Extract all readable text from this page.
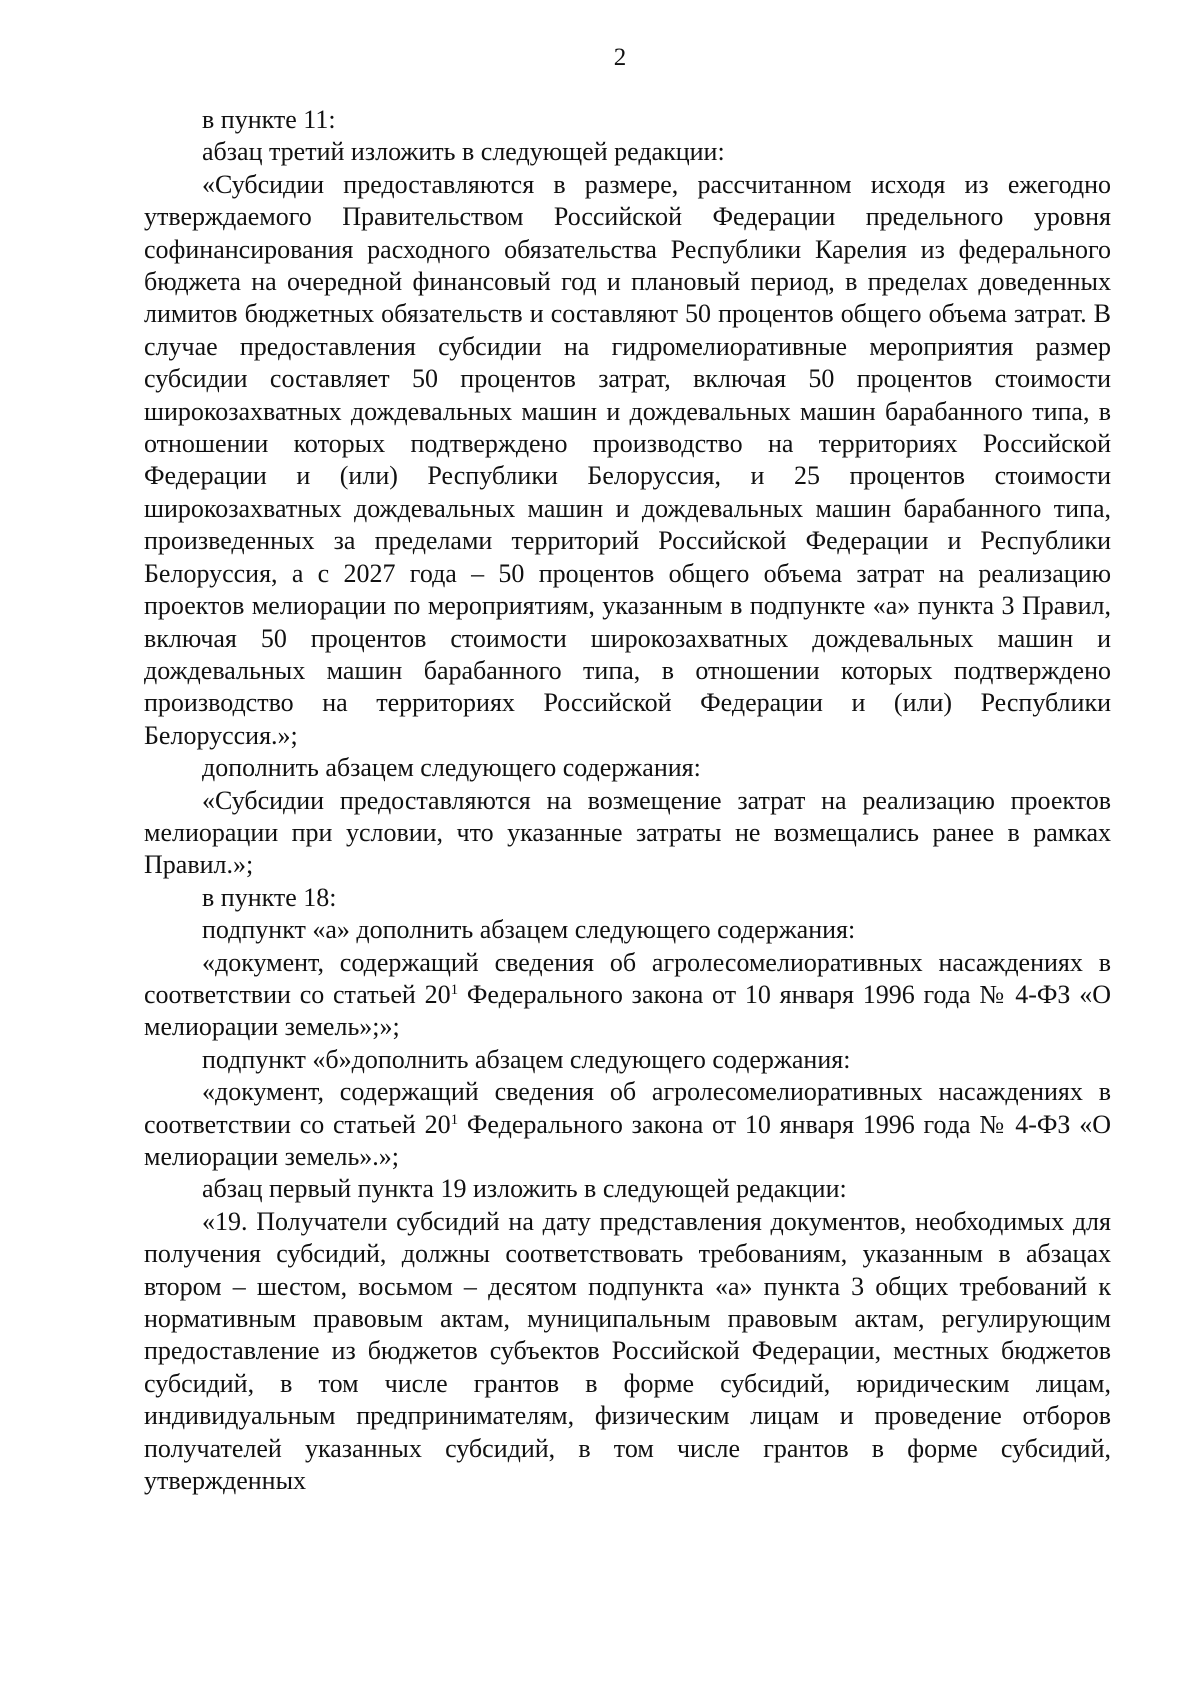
2

в пункте 11:

абзац третий изложить в следующей редакции:

«Субсидии предоставляются в размере, рассчитанном исходя из ежегодно утверждаемого Правительством Российской Федерации предельного уровня софинансирования расходного обязательства Республики Карелия из федерального бюджета на очередной финансовый год и плановый период, в пределах доведенных лимитов бюджетных обязательств и составляют 50 процентов общего объема затрат. В случае предоставления субсидии на гидромелиоративные мероприятия размер субсидии составляет 50 процентов затрат, включая 50 процентов стоимости широкозахватных дождевальных машин и дождевальных машин барабанного типа, в отношении которых подтверждено производство на территориях Российской Федерации и (или) Республики Белоруссия, и 25 процентов стоимости широкозахватных дождевальных машин и дождевальных машин барабанного типа, произведенных за пределами территорий Российской Федерации и Республики Белоруссия, а с 2027 года – 50 процентов общего объема затрат на реализацию проектов мелиорации по мероприятиям, указанным в подпункте «а» пункта 3 Правил, включая 50 процентов стоимости широкозахватных дождевальных машин и дождевальных машин барабанного типа, в отношении которых подтверждено производство на территориях Российской Федерации и (или) Республики Белоруссия.»;

дополнить абзацем следующего содержания:

«Субсидии предоставляются на возмещение затрат на реализацию проектов мелиорации при условии, что указанные затраты не возмещались ранее в рамках Правил.»;

в пункте 18:

подпункт «а» дополнить абзацем следующего содержания:

«документ, содержащий сведения об агролесомелиоративных насаждениях в соответствии со статьей $20^1$ Федерального закона от 10 января 1996 года № 4-ФЗ «О мелиорации земель»;»;

подпункт «б»дополнить абзацем следующего содержания:

«документ, содержащий сведения об агролесомелиоративных насаждениях в соответствии со статьей $20^1$ Федерального закона от 10 января 1996 года № 4-ФЗ «О мелиорации земель».»;

абзац первый пункта 19 изложить в следующей редакции:

«19. Получатели субсидий на дату представления документов, необходимых для получения субсидий, должны соответствовать требованиям, указанным в абзацах втором – шестом, восьмом – десятом подпункта «а» пункта 3 общих требований к нормативным правовым актам, муниципальным правовым актам, регулирующим предоставление из бюджетов субъектов Российской Федерации, местных бюджетов субсидий, в том числе грантов в форме субсидий, юридическим лицам, индивидуальным предпринимателям, физическим лицам и проведение отборов получателей указанных субсидий, в том числе грантов в форме субсидий, утвержденных
